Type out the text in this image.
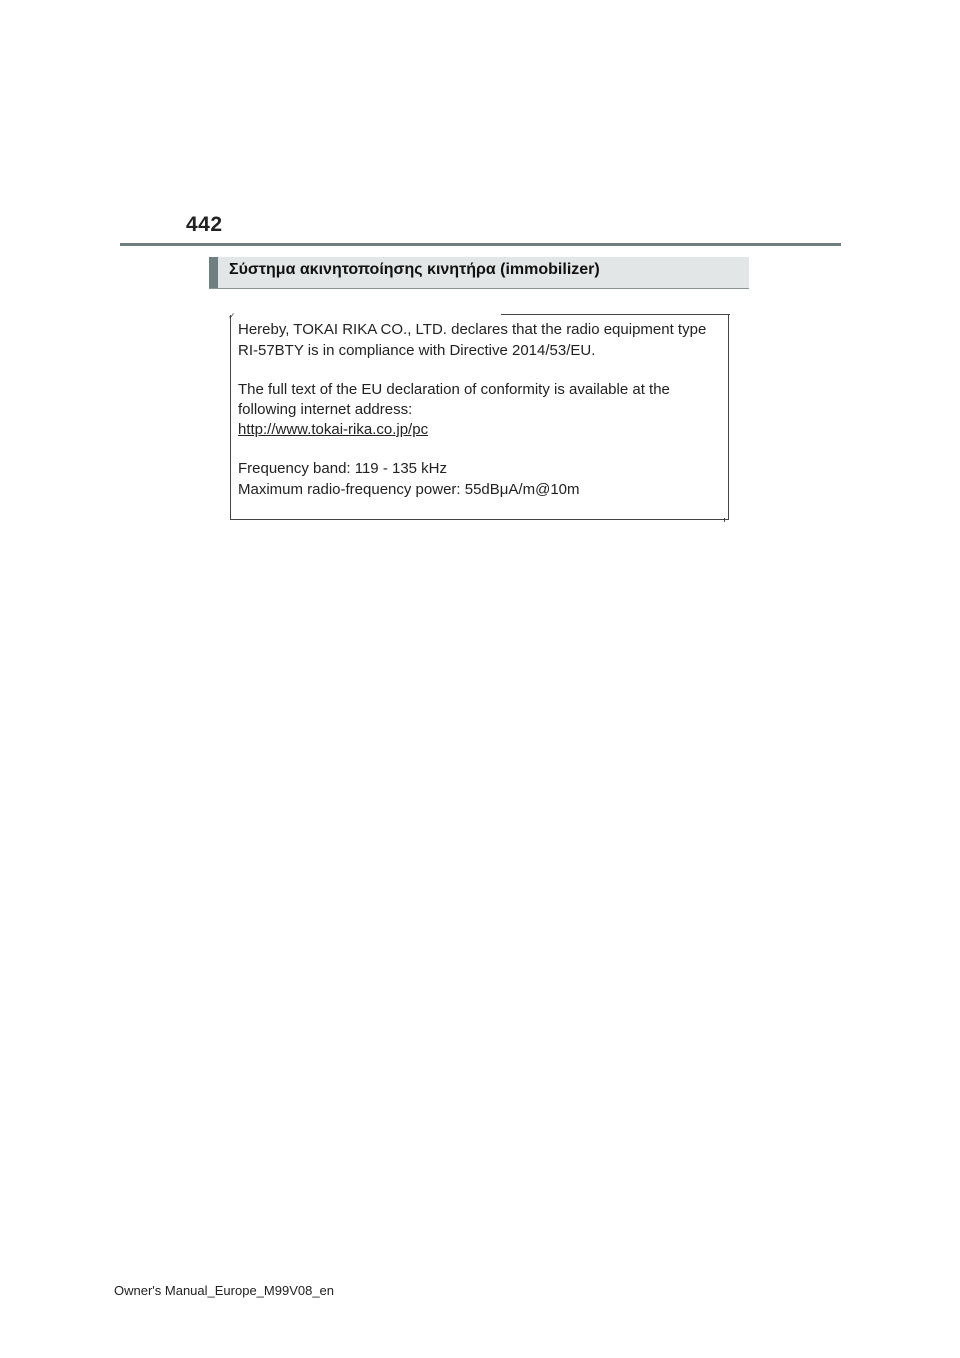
442
Σύστημα ακινητοποίησης κινητήρα (immobilizer)
✓
Hereby, TOKAI RIKA CO., LTD. declares that the radio equipment type
RI-57BTY is in compliance with Directive 2014/53/EU.
The full text of the EU declaration of conformity is available at the
following internet address:
http://www.tokai-rika.co.jp/pc
Frequency band: 119 - 135 kHz
Maximum radio-frequency power: 55dBμA/m@10m
Owner's Manual_Europe_M99V08_en
